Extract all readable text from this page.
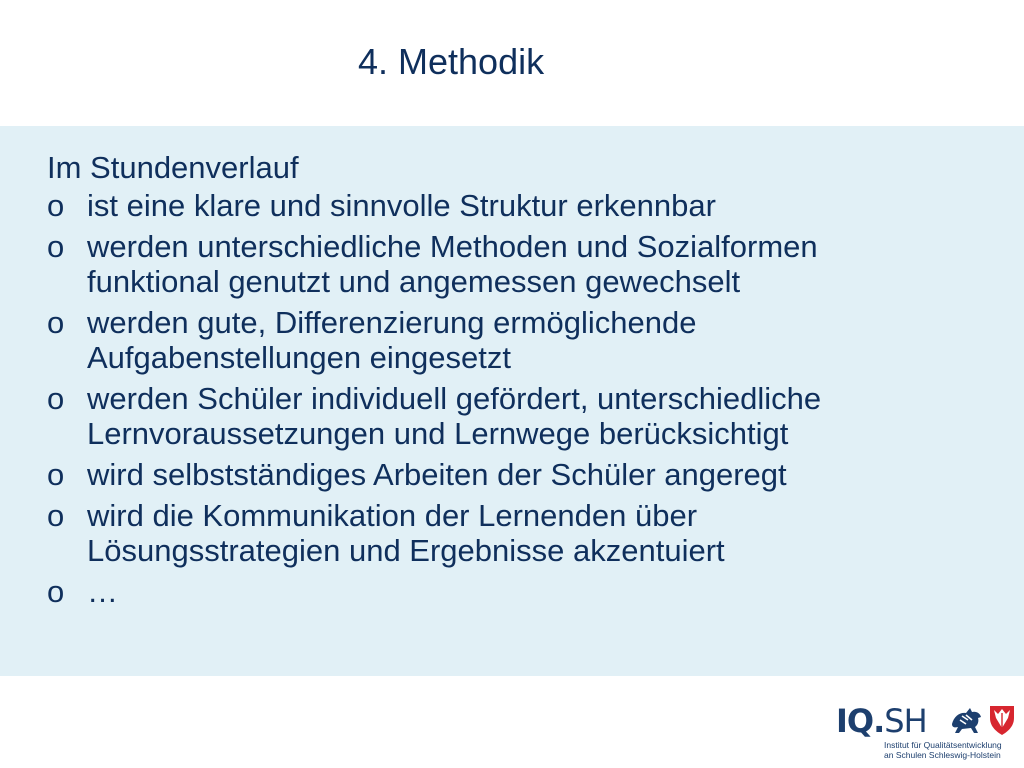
4. Methodik
Im Stundenverlauf
o ist eine klare und sinnvolle Struktur erkennbar
o werden unterschiedliche Methoden und Sozialformen funktional genutzt und angemessen gewechselt
o werden gute, Differenzierung ermöglichende Aufgabenstellungen eingesetzt
o werden Schüler individuell gefördert, unterschiedliche Lernvoraussetzungen und Lernwege berücksichtigt
o wird selbstständiges Arbeiten der Schüler angeregt
o wird die Kommunikation der Lernenden über Lösungsstrategien und Ergebnisse akzentuiert
o …
IQ.SH
Institut für Qualitätsentwicklung
an Schulen Schleswig-Holstein
